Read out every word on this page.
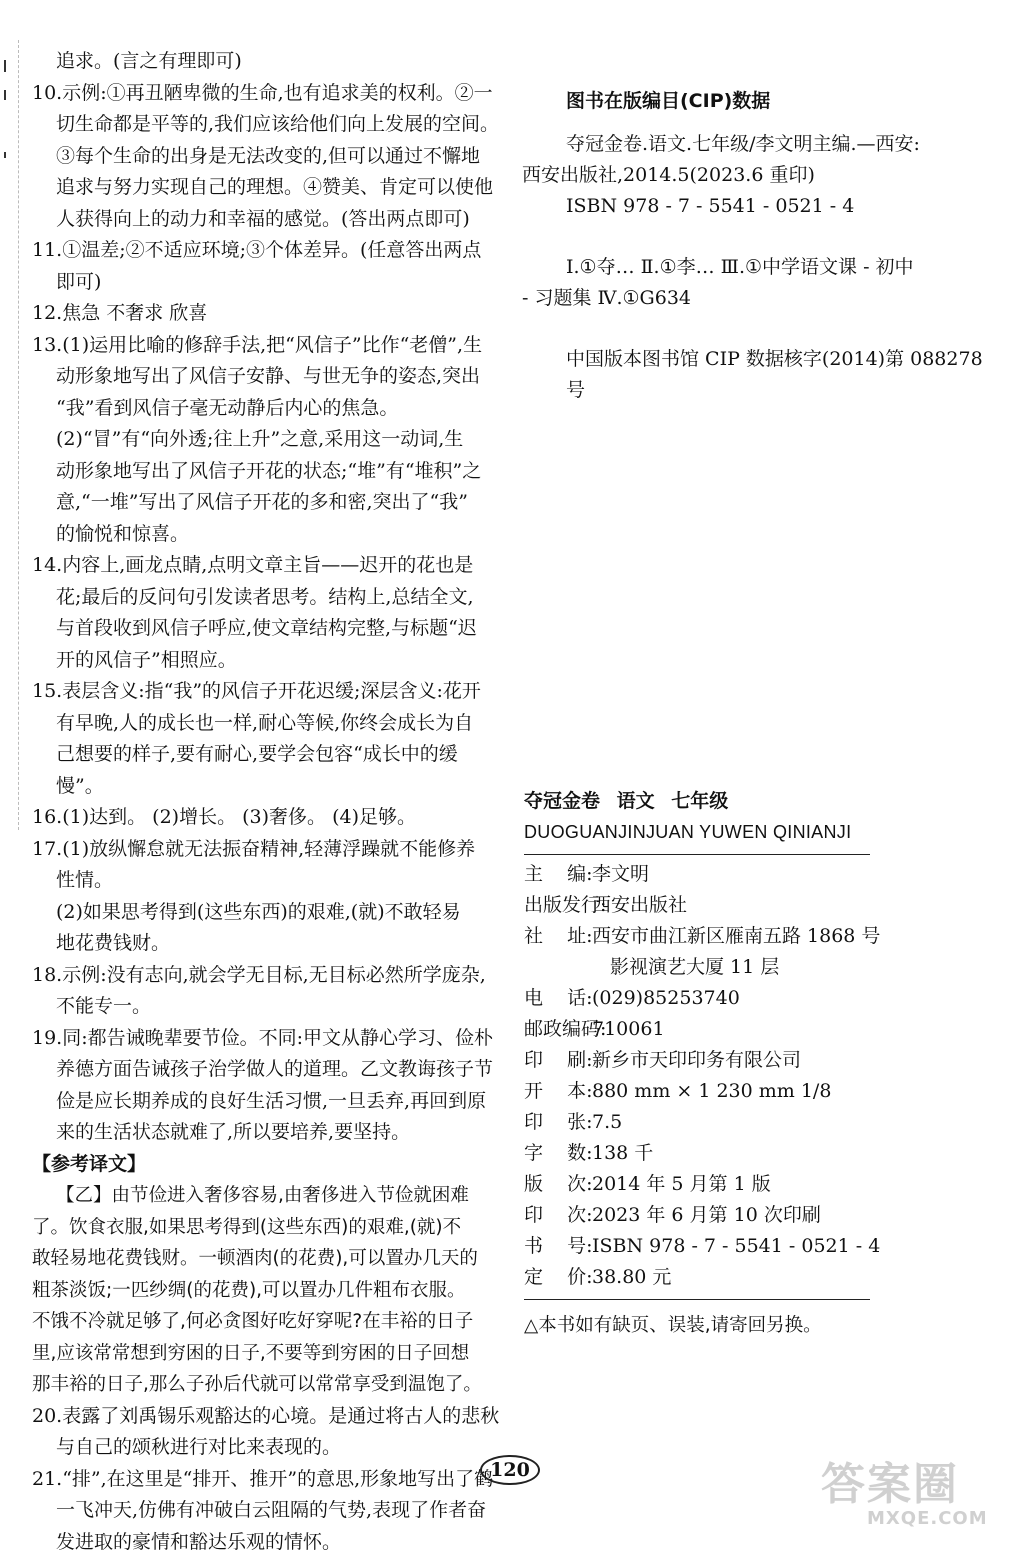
追求。(言之有理即可)

10.示例:①再丑陋卑微的生命,也有追求美的权利。②一

切生命都是平等的,我们应该给他们向上发展的空间。

③每个生命的出身是无法改变的,但可以通过不懈地

追求与努力实现自己的理想。④赞美、肯定可以使他

人获得向上的动力和幸福的感觉。(答出两点即可)

11.①温差;②不适应环境;③个体差异。(任意答出两点

即可)

12.焦急 不奢求 欣喜

13.(1)运用比喻的修辞手法,把“风信子”比作“老僧”,生

动形象地写出了风信子安静、与世无争的姿态,突出

“我”看到风信子毫无动静后内心的焦急。

(2)“冒”有“向外透;往上升”之意,采用这一动词,生

动形象地写出了风信子开花的状态;“堆”有“堆积”之

意,“一堆”写出了风信子开花的多和密,突出了“我”

的愉悦和惊喜。

14.内容上,画龙点睛,点明文章主旨——迟开的花也是

花;最后的反问句引发读者思考。结构上,总结全文,

与首段收到风信子呼应,使文章结构完整,与标题“迟

开的风信子”相照应。

15.表层含义:指“我”的风信子开花迟缓;深层含义:花开

有早晚,人的成长也一样,耐心等候,你终会成长为自

己想要的样子,要有耐心,要学会包容“成长中的缓

慢”。

16.(1)达到。 (2)增长。 (3)奢侈。 (4)足够。

17.(1)放纵懈怠就无法振奋精神,轻薄浮躁就不能修养

性情。

(2)如果思考得到(这些东西)的艰难,(就)不敢轻易

地花费钱财。

18.示例:没有志向,就会学无目标,无目标必然所学庞杂,

不能专一。

19.同:都告诫晚辈要节俭。不同:甲文从静心学习、俭朴

养德方面告诫孩子治学做人的道理。乙文教诲孩子节

俭是应长期养成的良好生活习惯,一旦丢弃,再回到原

来的生活状态就难了,所以要培养,要坚持。

【参考译文】

【乙】由节俭进入奢侈容易,由奢侈进入节俭就困难

了。饮食衣服,如果思考得到(这些东西)的艰难,(就)不

敢轻易地花费钱财。一顿酒肉(的花费),可以置办几天的

粗茶淡饭;一匹纱绸(的花费),可以置办几件粗布衣服。

不饿不冷就足够了,何必贪图好吃好穿呢?在丰裕的日子

里,应该常常想到穷困的日子,不要等到穷困的日子回想

那丰裕的日子,那么子孙后代就可以常常享受到温饱了。

20.表露了刘禹锡乐观豁达的心境。是通过将古人的悲秋

与自己的颂秋进行对比来表现的。

21.“排”,在这里是“排开、推开”的意思,形象地写出了鹤

一飞冲天,仿佛有冲破白云阻隔的气势,表现了作者奋

发进取的豪情和豁达乐观的情怀。

图书在版编目(CIP)数据

夺冠金卷.语文.七年级/李文明主编.—西安:

西安出版社,2014.5(2023.6 重印)

ISBN 978 - 7 - 5541 - 0521 - 4

Ⅰ.①夺… Ⅱ.①李… Ⅲ.①中学语文课 - 初中

- 习题集 Ⅳ.①G634

中国版本图书馆 CIP 数据核字(2014)第 088278 号

夺冠金卷 语文 七年级

DUOGUANJINJUAN YUWEN QINIANJI

主    编: 李文明
出版发行:
西安出版社
社    址: 西安市曲江新区雁南五路 1868 号
影视演艺大厦 11 层
电    话: (029)85253740
邮政编码:
710061
印    刷: 新乡市天印印务有限公司
开    本: 880 mm × 1 230 mm 1/8
印    张: 7.5
字    数: 138 千
版    次: 2014 年 5 月第 1 版
印    次: 2023 年 6 月第 10 次印刷
书    号: ISBN 978 - 7 - 5541 - 0521 - 4
定    价: 38.80 元

△本书如有缺页、误装,请寄回另换。

120	答案圈
MXQE.COM
